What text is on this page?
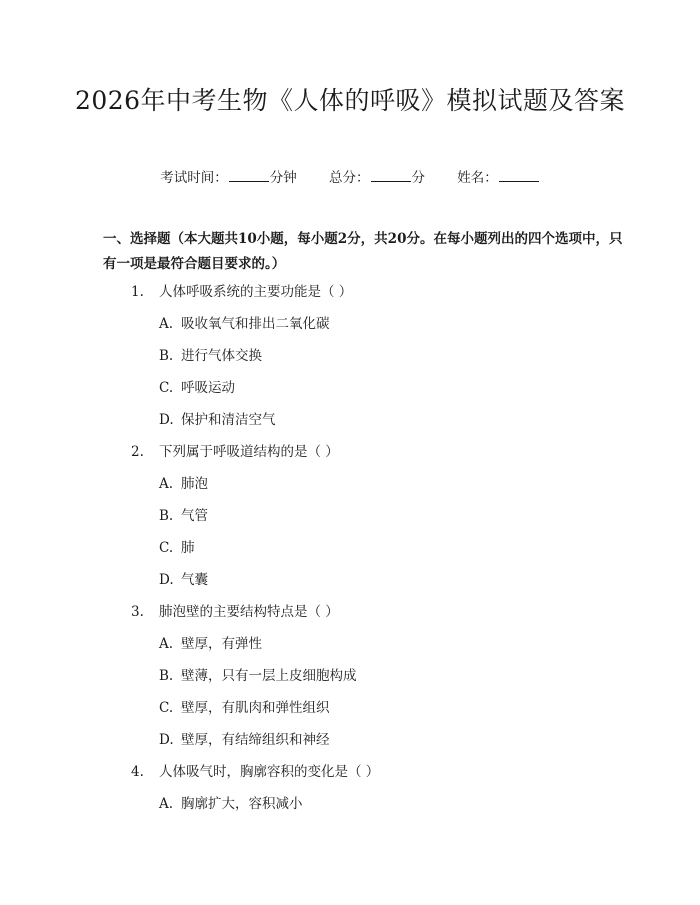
2026年中考生物《人体的呼吸》模拟试题及答案
考试时间：	分钟 总分：	分 姓名：
一、选择题（本大题共10小题，每小题2分，共20分。在每小题列出的四个选项中，只有一项是最符合题目要求的。）
1. 人体呼吸系统的主要功能是（ ）
A. 吸收氧气和排出二氧化碳
B. 进行气体交换
C. 呼吸运动
D. 保护和清洁空气
2. 下列属于呼吸道结构的是（ ）
A. 肺泡
B. 气管
C. 肺
D. 气囊
3. 肺泡壁的主要结构特点是（ ）
A. 壁厚，有弹性
B. 壁薄，只有一层上皮细胞构成
C. 壁厚，有肌肉和弹性组织
D. 壁厚，有结缔组织和神经
4. 人体吸气时，胸廓容积的变化是（ ）
A. 胸廓扩大，容积减小
